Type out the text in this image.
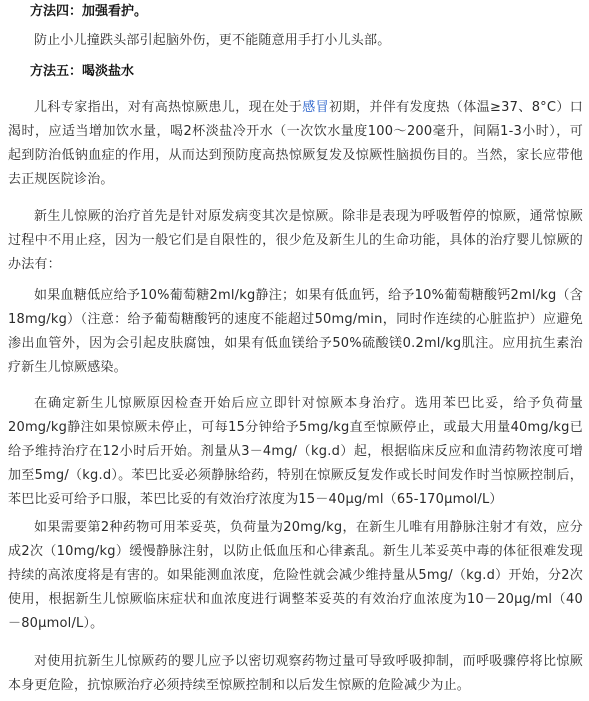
方法四：加强看护。

防止小儿撞跌头部引起脑外伤，更不能随意用手打小儿头部。

方法五：喝淡盐水

儿科专家指出，对有高热惊厥患儿，现在处于感冒初期，并伴有发度热（体温≥37、8°C）口渴时，应适当增加饮水量，喝2杯淡盐冷开水（一次饮水量度100～200毫升，间隔1-3小时），可起到防治低钠血症的作用，从而达到预防度高热惊厥复发及惊厥性脑损伤目的。当然，家长应带他去正规医院诊治。

新生儿惊厥的治疗首先是针对原发病变其次是惊厥。除非是表现为呼吸暂停的惊厥，通常惊厥过程中不用止痉，因为一般它们是自限性的，很少危及新生儿的生命功能，具体的治疗婴儿惊厥的办法有：

如果血糖低应给予10%葡萄糖2ml/kg静注；如果有低血钙，给予10%葡萄糖酸钙2ml/kg（含18mg/kg）（注意：给予葡萄糖酸钙的速度不能超过50mg/min，同时作连续的心脏监护）应避免渗出血管外，因为会引起皮肤腐蚀，如果有低血镁给予50%硫酸镁0.2ml/kg肌注。应用抗生素治疗新生儿惊厥感染。

在确定新生儿惊厥原因检查开始后应立即针对惊厥本身治疗。选用苯巴比妥，给予负荷量20mg/kg静注如果惊厥未停止，可每15分钟给予5mg/kg直至惊厥停止，或最大用量40mg/kg已给予维持治疗在12小时后开始。剂量从3－4mg/（kg.d）起，根据临床反应和血清药物浓度可增加至5mg/（kg.d）。苯巴比妥必须静脉给药，特别在惊厥反复发作或长时间发作时当惊厥控制后，苯巴比妥可给予口服，苯巴比妥的有效治疗浓度为15－40μg/ml（65-170μmol/L）

如果需要第2种药物可用苯妥英，负荷量为20mg/kg，在新生儿唯有用静脉注射才有效，应分成2次（10mg/kg）缓慢静脉注射，以防止低血压和心律紊乱。新生儿苯妥英中毒的体征很难发现持续的高浓度将是有害的。如果能测血浓度，危险性就会减少维持量从5mg/（kg.d）开始，分2次使用，根据新生儿惊厥临床症状和血浓度进行调整苯妥英的有效治疗血浓度为10－20μg/ml（40－80μmol/L）。

对使用抗新生儿惊厥药的婴儿应予以密切观察药物过量可导致呼吸抑制，而呼吸骤停将比惊厥本身更危险，抗惊厥治疗必须持续至惊厥控制和以后发生惊厥的危险减少为止。
